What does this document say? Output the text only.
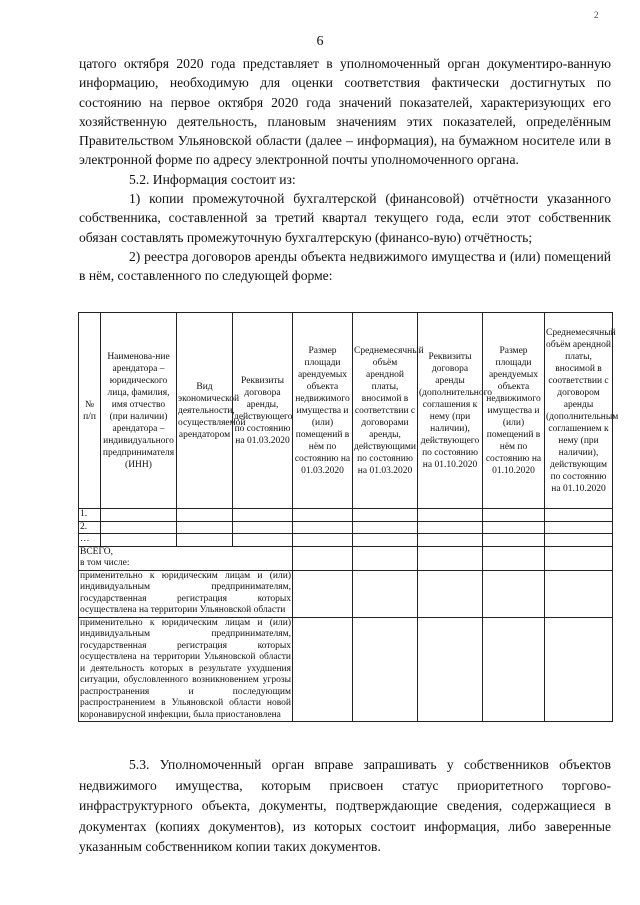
2
6

цатого октября 2020 года представляет в уполномоченный орган документиро-ванную информацию, необходимую для оценки соответствия фактически достигнутых по состоянию на первое октября 2020 года значений показателей, характеризующих его хозяйственную деятельность, плановым значениям этих показателей, определённым Правительством Ульяновской области (далее – информация), на бумажном носителе или в электронной форме по адресу электронной почты уполномоченного органа.

5.2. Информация состоит из:

1) копии промежуточной бухгалтерской (финансовой) отчётности указанного собственника, составленной за третий квартал текущего года, если этот собственник обязан составлять промежуточную бухгалтерскую (финансо-вую) отчётность;

2) реестра договоров аренды объекта недвижимого имущества и (или) помещений в нём, составленного по следующей форме:

№ п/п	Наименова-ние арендатора – юридического лица, фамилия, имя отчество (при наличии) арендатора – индивидуального предпринимателя (ИНН)	Вид экономической деятельности, осуществляемой арендатором	Реквизиты договора аренды, действующего по состоянию на 01.03.2020	Размер площади арендуемых объекта недвижимого имущества и (или) помещений в нём по состоянию на 01.03.2020	Среднемесячный объём арендной платы, вносимой в соответствии с договорами аренды, действующими по состоянию на 01.03.2020	Реквизиты договора аренды (дополнительного соглашения к нему (при наличии), действующего по состоянию на 01.10.2020	Размер площади арендуемых объекта недвижимого имущества и (или) помещений в нём по состоянию на 01.10.2020	Среднемесячный объём арендной платы, вносимой в соответствии с договором аренды (дополнительным соглашением к нему (при наличии), действующим по состоянию на 01.10.2020
1.								
2.								
…								

ВСЕГО,
в том числе:								

применительно к юридическим лицам и (или) индивидуальным предпринимателям, государственная регистрация которых осуществлена на территории Ульяновской области								
применительно к юридическим лицам и (или) индивидуальным предпринимателям, государственная регистрация которых осуществлена на территории Ульяновской области и деятельность которых в результате ухудшения ситуации, обусловленного возникновением угрозы распространения и последующим распространением в Ульяновской области новой коронавирусной инфекции, была приостановлена								

5.3. Уполномоченный орган вправе запрашивать у собственников объектов недвижимого имущества, которым присвоен статус приоритетного торгово-инфраструктурного объекта, документы, подтверждающие сведения, содержащиеся в документах (копиях документов), из которых состоит информация, либо заверенные указанным собственником копии таких документов.
